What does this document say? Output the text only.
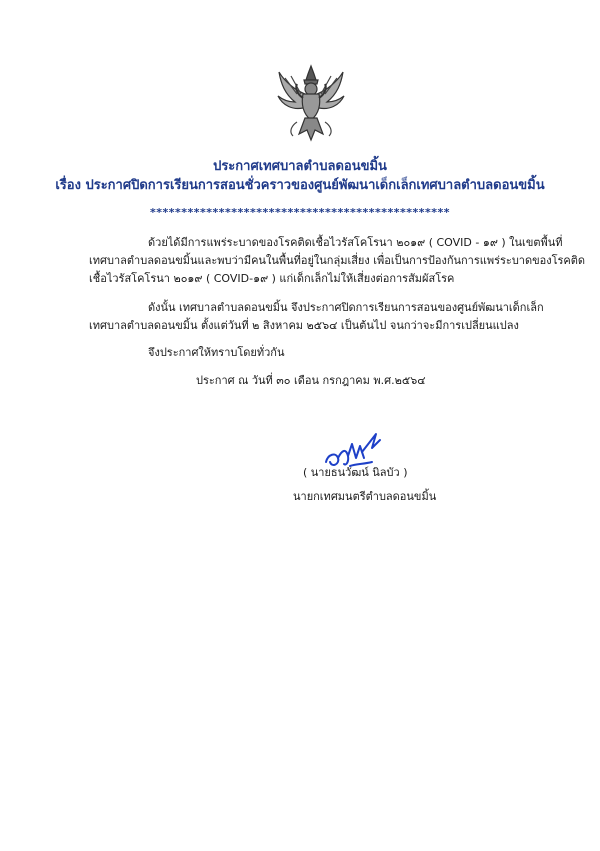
ประกาศเทศบาลตำบลดอนขมิ้น
เรื่อง ประกาศปิดการเรียนการสอนชั่วคราวของศูนย์พัฒนาเด็กเล็กเทศบาลตำบลดอนขมิ้น
************************************************
ด้วยได้มีการแพร่ระบาดของโรคติดเชื้อไวรัสโคโรนา ๒๐๑๙ ( COVID - ๑๙ ) ในเขตพื้นที่
เทศบาลตำบลดอนขมิ้นและพบว่ามีคนในพื้นที่อยู่ในกลุ่มเสี่ยง เพื่อเป็นการป้องกันการแพร่ระบาดของโรคติด
เชื้อไวรัสโคโรนา ๒๐๑๙ ( COVID-๑๙ ) แก่เด็กเล็กไม่ให้เสี่ยงต่อการสัมผัสโรค
ดังนั้น เทศบาลตำบลดอนขมิ้น จึงประกาศปิดการเรียนการสอนของศูนย์พัฒนาเด็กเล็ก
เทศบาลตำบลดอนขมิ้น ตั้งแต่วันที่ ๒ สิงหาคม ๒๕๖๔ เป็นต้นไป จนกว่าจะมีการเปลี่ยนแปลง
จึงประกาศให้ทราบโดยทั่วกัน
ประกาศ ณ วันที่ ๓๐ เดือน กรกฎาคม พ.ศ.๒๕๖๔
( นายธนวัฒน์ นิลบัว )
นายกเทศมนตรีตำบลดอนขมิ้น
